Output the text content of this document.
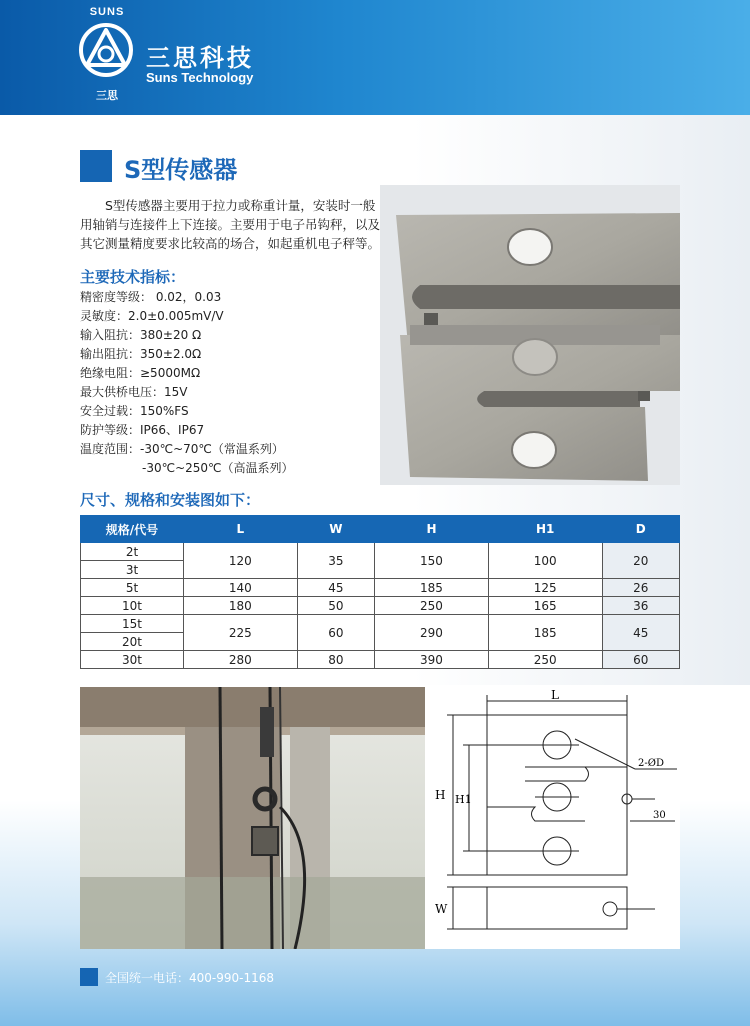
SUNS
三思
三思科技
Suns Technology
S型传感器
S型传感器主要用于拉力或称重计量，安装时一般用轴销与连接件上下连接。主要用于电子吊钩秤，以及其它测量精度要求比较高的场合，如起重机电子秤等。
主要技术指标：
精密度等级： 0.02，0.03
灵敏度：2.0±0.005mV/V
输入阻抗：380±20 Ω
输出阻抗：350±2.0Ω
绝缘电阻：≥5000MΩ
最大供桥电压：15V
安全过载：150%FS
防护等级：IP66、IP67
温度范围：-30℃~70℃（常温系列）
-30℃~250℃（高温系列）
尺寸、规格和安装图如下：
规格/代号	L	W	H	H1	D
2t	120	35	150	100	20
3t					
5t	140	45	185	125	26
10t	180	50	250	165	36
15t	225	60	290	185	45
20t					
30t	280	80	390	250	60
L
H H1
W
2-ØD
30
全国统一电话：400-990-1168
